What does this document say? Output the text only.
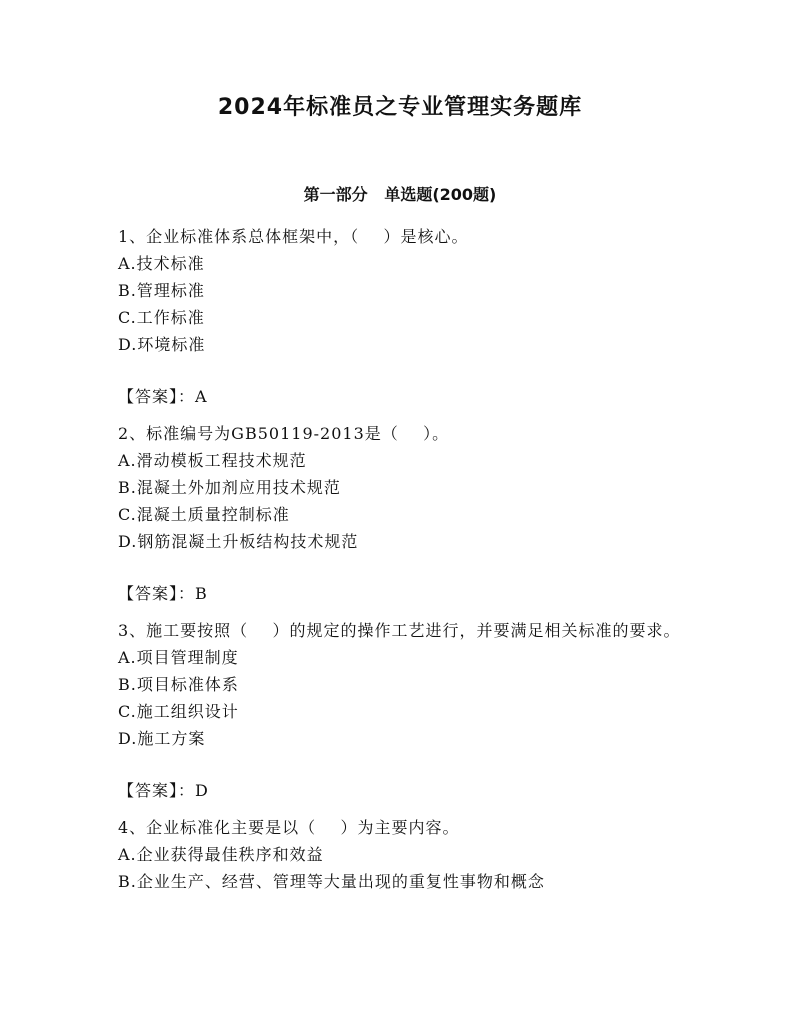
2024年标准员之专业管理实务题库
第一部分   单选题(200题)
1、企业标准体系总体框架中，（    ）是核心。
A.技术标准
B.管理标准
C.工作标准
D.环境标准
【答案】：A
2、标准编号为GB50119-2013是（    ）。
A.滑动模板工程技术规范
B.混凝土外加剂应用技术规范
C.混凝土质量控制标准
D.钢筋混凝土升板结构技术规范
【答案】：B
3、施工要按照（    ）的规定的操作工艺进行，并要满足相关标准的要求。
A.项目管理制度
B.项目标准体系
C.施工组织设计
D.施工方案
【答案】：D
4、企业标准化主要是以（    ）为主要内容。
A.企业获得最佳秩序和效益
B.企业生产、经营、管理等大量出现的重复性事物和概念
